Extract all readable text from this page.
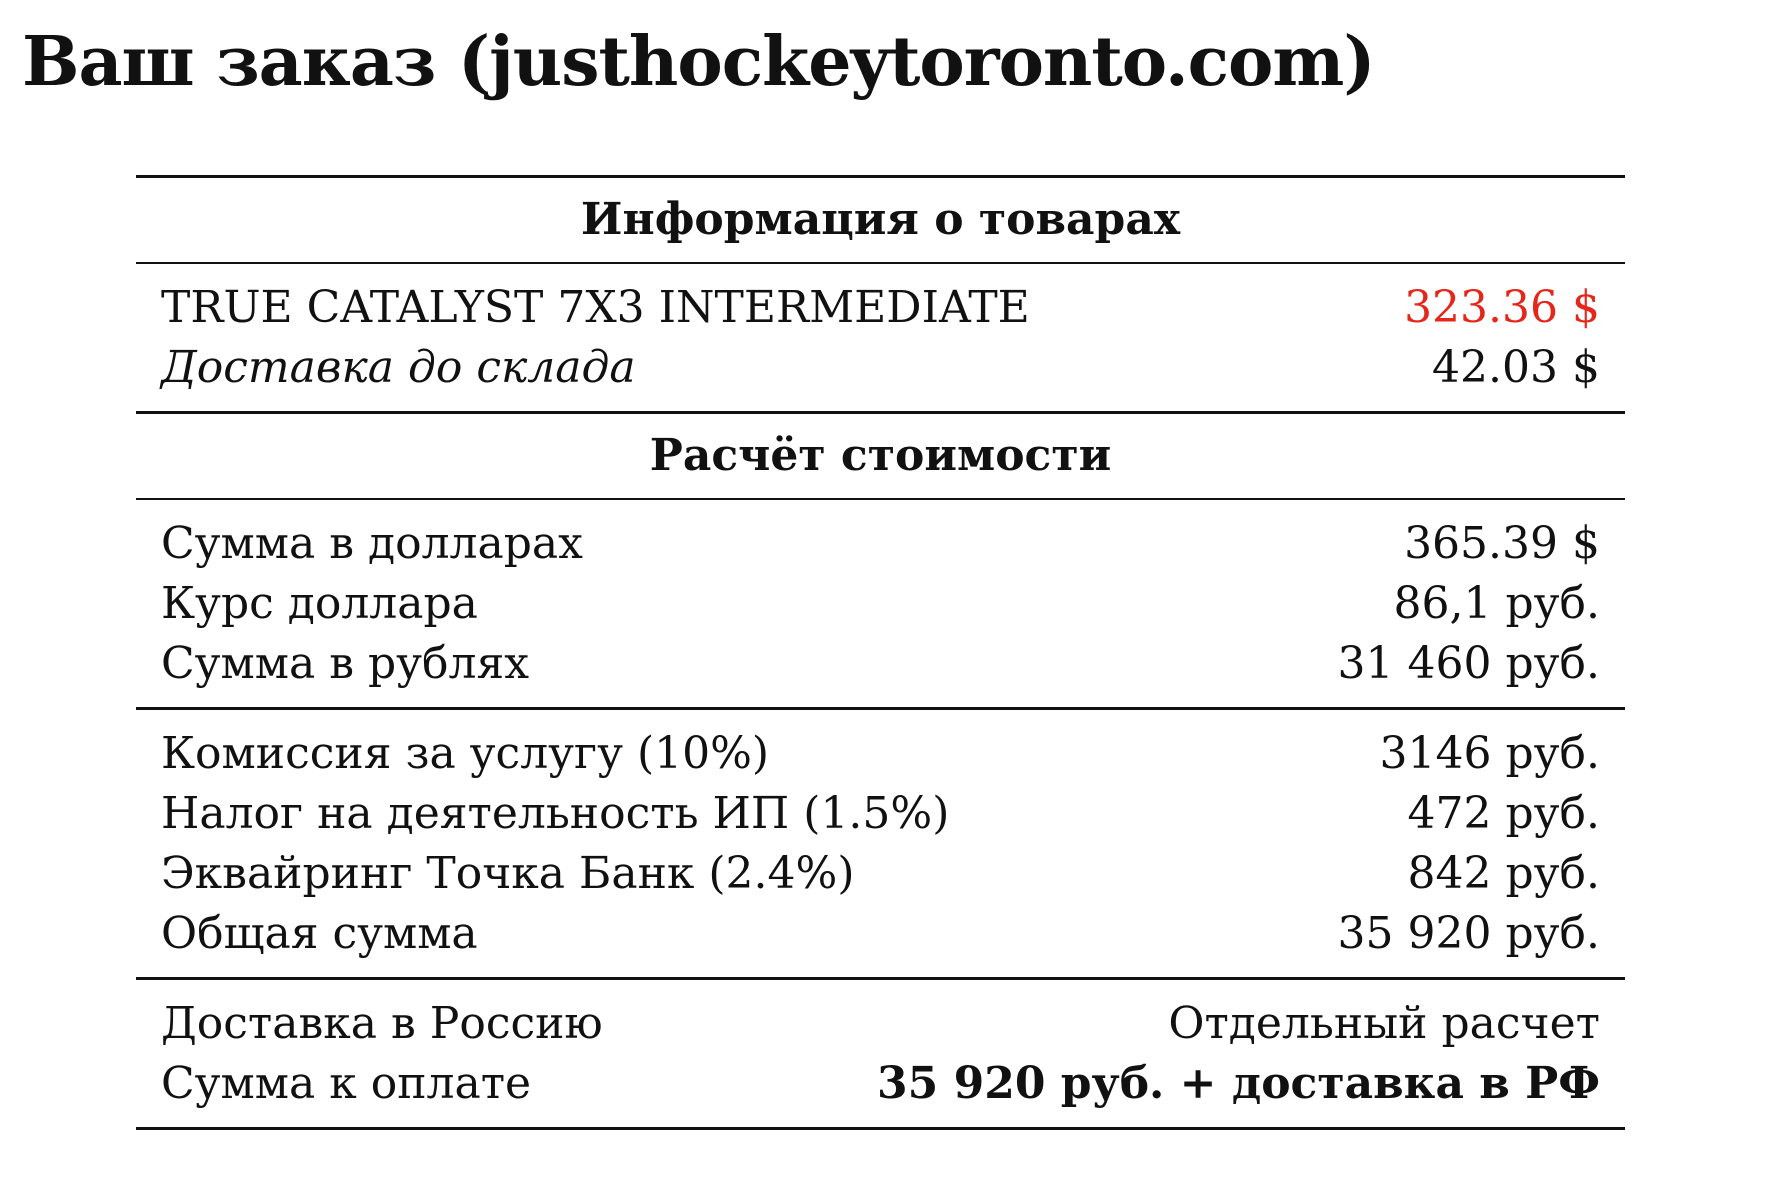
Ваш заказ (justhockeytoronto.com)
Информация о товарах
TRUE CATALYST 7X3 INTERMEDIATE	323.36 $
Доставка до склада	42.03 $
Расчёт стоимости
Сумма в долларах	365.39 $
Курс доллара	86,1 руб.
Сумма в рублях	31 460 руб.
Комиссия за услугу (10%)	3146 руб.
Налог на деятельность ИП (1.5%)	472 руб.
Эквайринг Точка Банк (2.4%)	842 руб.
Общая сумма	35 920 руб.
Доставка в Россию	Отдельный расчет
Сумма к оплате	35 920 руб. + доставка в РФ
